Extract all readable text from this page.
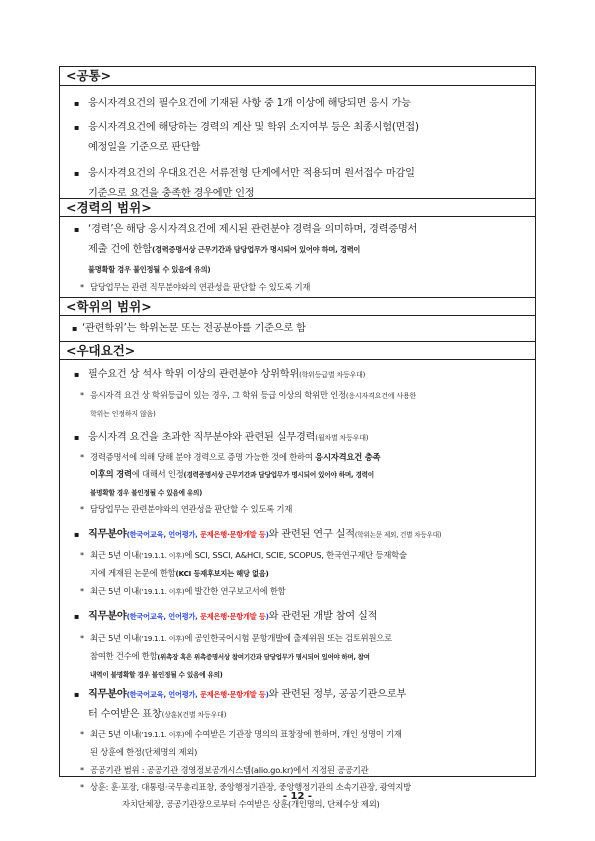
<공통>
▪ 응시자격요건의 필수요건에 기재된 사항 중 1개 이상에 해당되면 응시 가능
▪ 응시자격요건에 해당하는 경력의 계산 및 학위 소지여부 등은 최종시험(면접)
예정일을 기준으로 판단함
▪ 응시자격요건의 우대요건은 서류전형 단계에서만 적용되며 원서접수 마감일
기준으로 요건을 충족한 경우에만 인정
<경력의 범위>
▪ ‘경력’은 해당 응시자격요건에 제시된 관련분야 경력을 의미하며, 경력증명서
제출 건에 한함(경력증명서상 근무기간과 담당업무가 명시되어 있어야 하며, 경력이
불명확할 경우 불인정될 수 있음에 유의)
* 담당업무는 관련 직무분야와의 연관성을 판단할 수 있도록 기재
<학위의 범위>
▪ ‘관련학위’는 학위논문 또는 전공분야를 기준으로 함
<우대요건>
▪ 필수요건 상 석사 학위 이상의 관련분야 상위학위(학위등급별 차등우대)
* 응시자격 요건 상 학위등급이 있는 경우, 그 학위 등급 이상의 학위만 인정(응시자격요건에 사용한
학위는 인정하지 않음)
▪ 응시자격 요건을 초과한 직무분야와 관련된 실무경력(월차별 차등우대)
* 경력증명서에 의해 당해 분야 경력으로 증명 가능한 것에 한하여 응시자격요건 충족
이후의 경력에 대해서 인정(경력증명서상 근무기간과 담당업무가 명시되어 있어야 하며, 경력이
불명확할 경우 불인정될 수 있음에 유의)
* 담당업무는 관련분야와의 연관성을 판단할 수 있도록 기재
▪ 직무분야(한국어교육, 언어평가, 문제은행·문항개발 등)와 관련된 연구 실적(학위논문 제외, 건별 차등우대)
* 최근 5년 이내(‘19.1.1. 이후)에 SCI, SSCI, A&HCI, SCIE, SCOPUS, 한국연구재단 등재학술
지에 게재된 논문에 한함(KCI 등재후보지는 해당 없음)
* 최근 5년 이내(‘19.1.1. 이후)에 발간한 연구보고서에 한함
▪ 직무분야(한국어교육, 언어평가, 문제은행·문항개발 등)와 관련된 개발 참여 실적
* 최근 5년 이내(‘19.1.1. 이후)에 공인한국어시험 문항개발에 출제위원 또는 검토위원으로
참여한 건수에 한함(위촉장 혹은 위촉증명서상 참여기간과 담당업무가 명시되어 있어야 하며, 참여
내역이 불명확할 경우 불인정될 수 있음에 유의)
▪ 직무분야(한국어교육, 언어평가, 문제은행·문항개발 등)와 관련된 정부, 공공기관으로부
터 수여받은 표창(상훈)(건별 차등우대)
* 최근 5년 이내(‘19.1.1. 이후)에 수여받은 기관장 명의의 표창장에 한하며, 개인 성명이 기재
된 상훈에 한정(단체명의 제외)
* 공공기관 범위 : 공공기관 경영정보공개시스템(alio.go.kr)에서 지정된 공공기관
* 상훈: 훈·포장, 대통령·국무총리표창, 중앙행정기관장, 중앙행정기관의 소속기관장, 광역지방
자치단체장, 공공기관장으로부터 수여받은 상훈(개인명의, 단체수상 제외)
- 12 -
